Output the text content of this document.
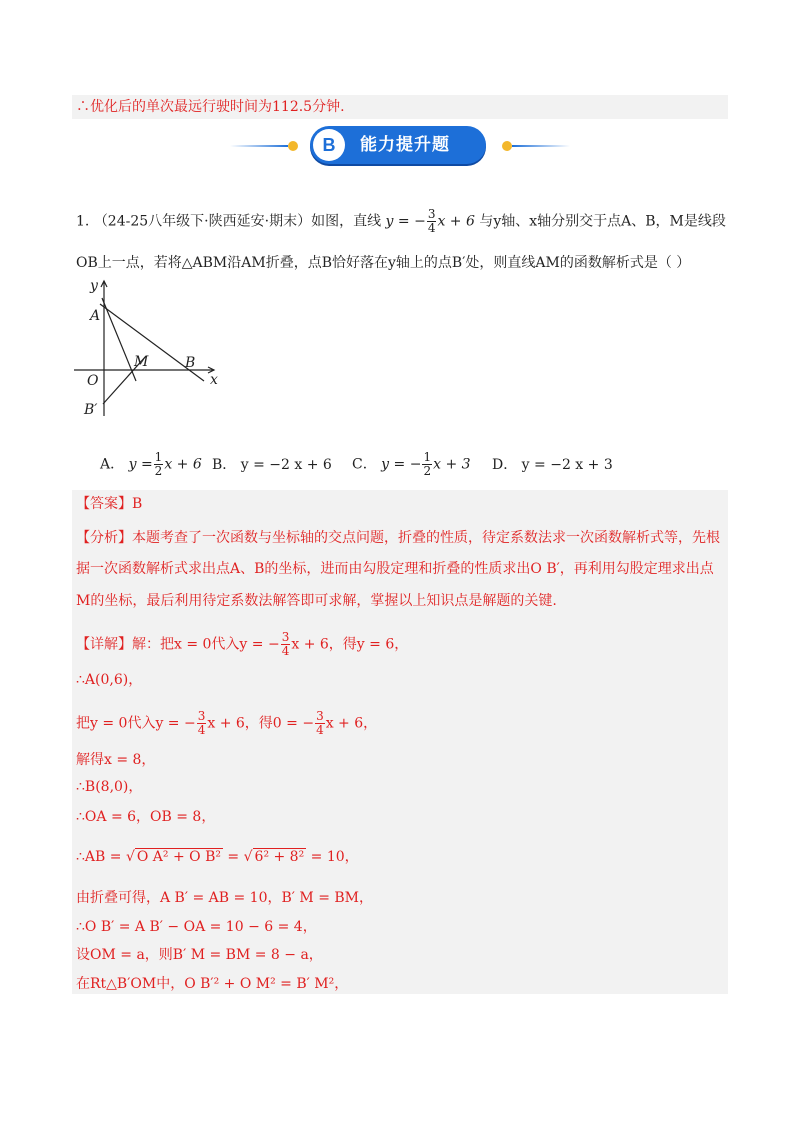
∴优化后的单次最远行驶时间为112.5分钟.
B	能力提升题
1. （24-25八年级下·陕西延安·期末）如图，直线 y = − $\frac{3}{4}$ x + 6 与y轴、x轴分别交于点A、B，M是线段
OB上一点，若将△ABM沿AM折叠，点B恰好落在y轴上的点B′处，则直线AM的函数解析式是（ ）
y
A
M	B
x
O
B′
A． $y = \frac{1}{2}$ x + 6 B． y = −2 x + 6 C． y = − $\frac{1}{2}$ x + 3 D． y = −2 x + 3
【答案】B
【分析】本题考查了一次函数与坐标轴的交点问题，折叠的性质，待定系数法求一次函数解析式等，先根
据一次函数解析式求出点A、B的坐标，进而由勾股定理和折叠的性质求出O B′，再利用勾股定理求出点
M的坐标，最后利用待定系数法解答即可求解，掌握以上知识点是解题的关键.
【详解】解：把x = 0代入y = − $\frac{3}{4}$ x + 6，得y = 6，
∴A(0,6)，
把y = 0代入y = − $\frac{3}{4}$ x + 6，得0 = − $\frac{3}{4}$ x + 6，
解得x = 8，
∴B(8,0)，
∴OA = 6，OB = 8，
∴AB = √ O A² + O B² = √ 6² + 8² = 10，
由折叠可得，A B′ = AB = 10，B′ M = BM，
∴O B′ = A B′ − OA = 10 − 6 = 4，
设OM = a，则B′ M = BM = 8 − a，
在Rt△B′OM中，O B′² + O M² = B′ M²，
